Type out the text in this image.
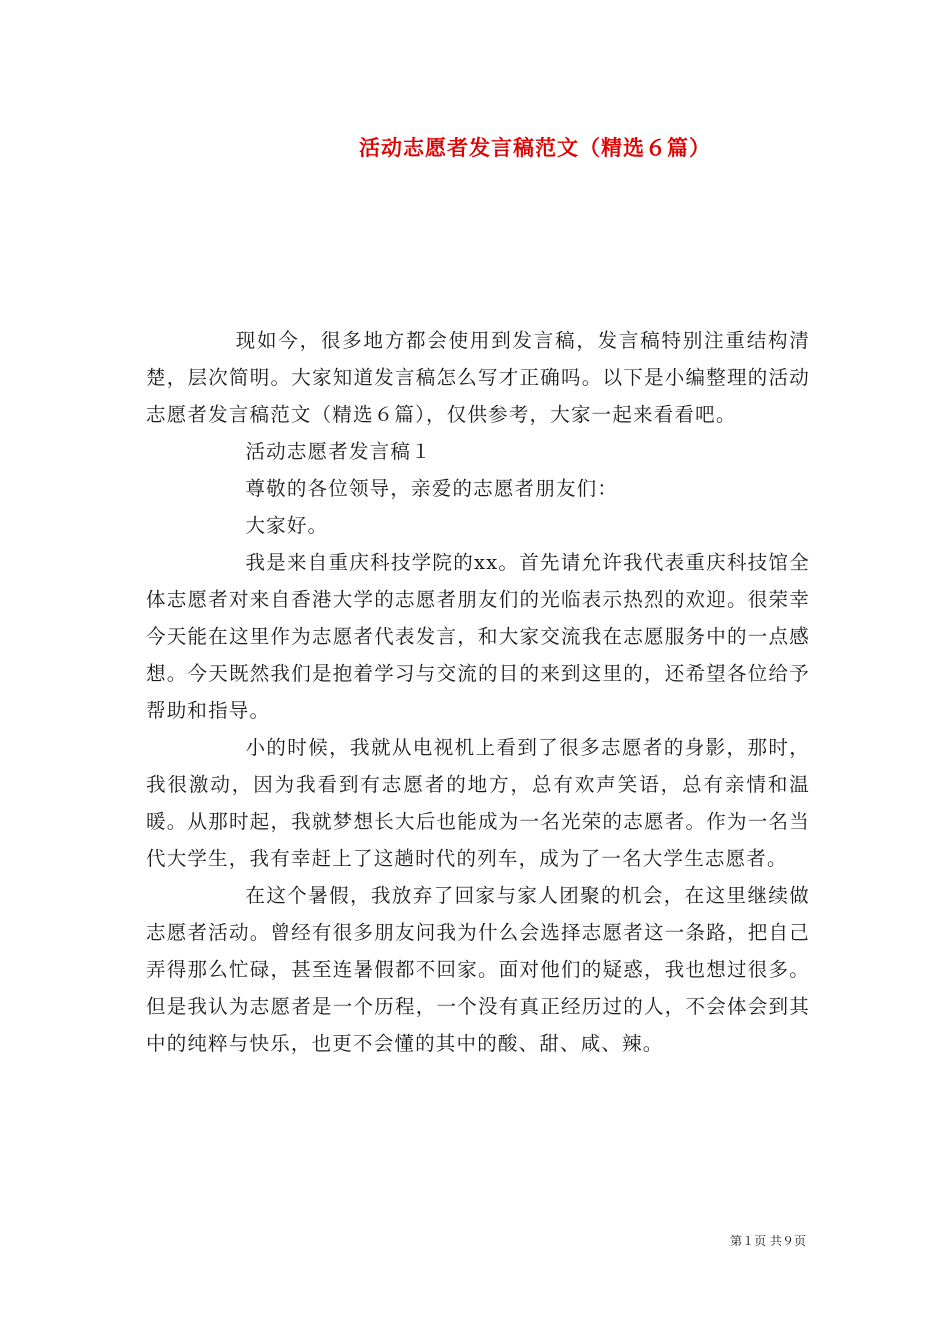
活动志愿者发言稿范文（精选６篇）

现如今，很多地方都会使用到发言稿，发言稿特别注重结构清楚，层次简明。大家知道发言稿怎么写才正确吗。以下是小编整理的活动志愿者发言稿范文（精选６篇），仅供参考，大家一起来看看吧。

活动志愿者发言稿１

尊敬的各位领导，亲爱的志愿者朋友们：

大家好。

我是来自重庆科技学院的xx。首先请允许我代表重庆科技馆全体志愿者对来自香港大学的志愿者朋友们的光临表示热烈的欢迎。很荣幸今天能在这里作为志愿者代表发言，和大家交流我在志愿服务中的一点感想。今天既然我们是抱着学习与交流的目的来到这里的，还希望各位给予帮助和指导。

小的时候，我就从电视机上看到了很多志愿者的身影，那时，我很激动，因为我看到有志愿者的地方，总有欢声笑语，总有亲情和温暖。从那时起，我就梦想长大后也能成为一名光荣的志愿者。作为一名当代大学生，我有幸赶上了这趟时代的列车，成为了一名大学生志愿者。

在这个暑假，我放弃了回家与家人团聚的机会，在这里继续做志愿者活动。曾经有很多朋友问我为什么会选择志愿者这一条路，把自己弄得那么忙碌，甚至连暑假都不回家。面对他们的疑惑，我也想过很多。但是我认为志愿者是一个历程，一个没有真正经历过的人，不会体会到其中的纯粹与快乐，也更不会懂的其中的酸、甜、咸、辣。

第１页 共９页
